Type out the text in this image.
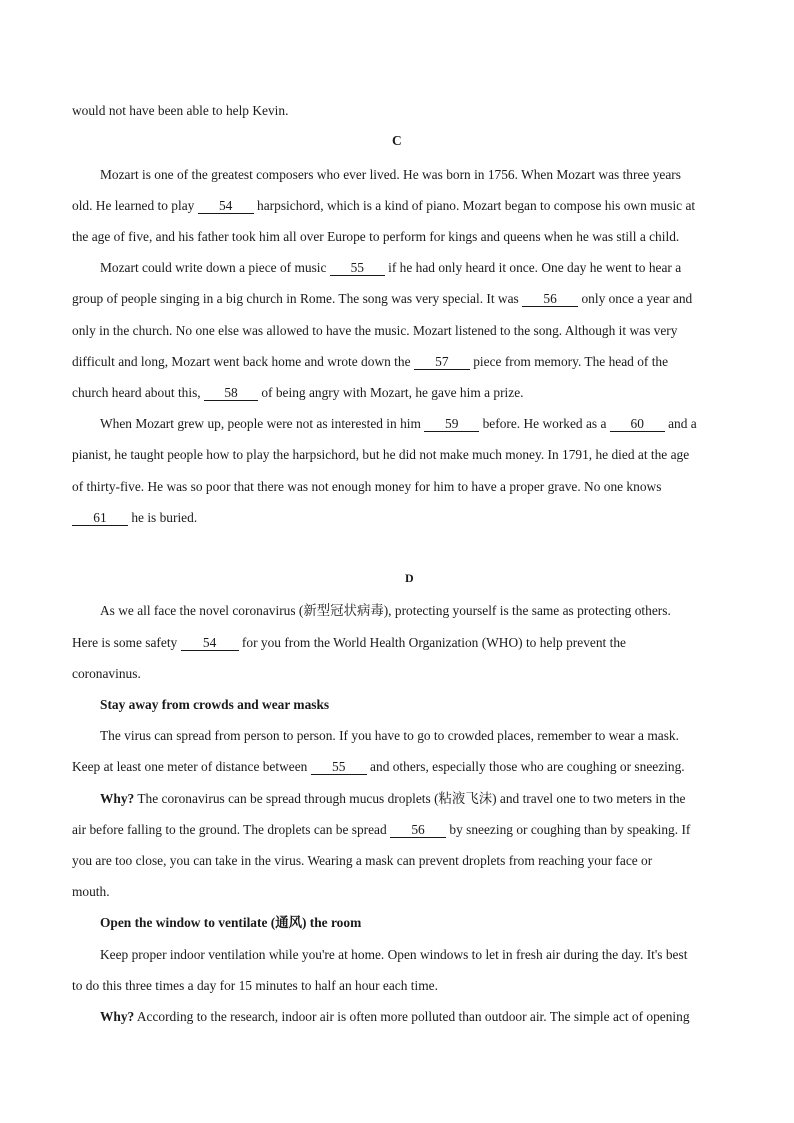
would not have been able to help Kevin.
C
Mozart is one of the greatest composers who ever lived. He was born in 1756. When Mozart was three years
old. He learned to play 54 harpsichord, which is a kind of piano. Mozart began to compose his own music at
the age of five, and his father took him all over Europe to perform for kings and queens when he was still a child.
Mozart could write down a piece of music 55 if he had only heard it once. One day he went to hear a
group of people singing in a big church in Rome. The song was very special. It was 56 only once a year and
only in the church. No one else was allowed to have the music. Mozart listened to the song. Although it was very
difficult and long, Mozart went back home and wrote down the 57 piece from memory. The head of the
church heard about this, 58 of being angry with Mozart, he gave him a prize.
When Mozart grew up, people were not as interested in him 59 before. He worked as a 60 and a
pianist, he taught people how to play the harpsichord, but he did not make much money. In 1791, he died at the age
of thirty-five. He was so poor that there was not enough money for him to have a proper grave. No one knows
61 he is buried.
D
As we all face the novel coronavirus (新型冠状病毒), protecting yourself is the same as protecting others.
Here is some safety 54 for you from the World Health Organization (WHO) to help prevent the
coronavinus.
Stay away from crowds and wear masks
The virus can spread from person to person. If you have to go to crowded places, remember to wear a mask.
Keep at least one meter of distance between 55 and others, especially those who are coughing or sneezing.
Why? The coronavirus can be spread through mucus droplets (粘液飞沫) and travel one to two meters in the
air before falling to the ground. The droplets can be spread 56 by sneezing or coughing than by speaking. If
you are too close, you can take in the virus. Wearing a mask can prevent droplets from reaching your face or
mouth.
Open the window to ventilate (通风) the room
Keep proper indoor ventilation while you're at home. Open windows to let in fresh air during the day. It's best
to do this three times a day for 15 minutes to half an hour each time.
Why? According to the research, indoor air is often more polluted than outdoor air. The simple act of opening
